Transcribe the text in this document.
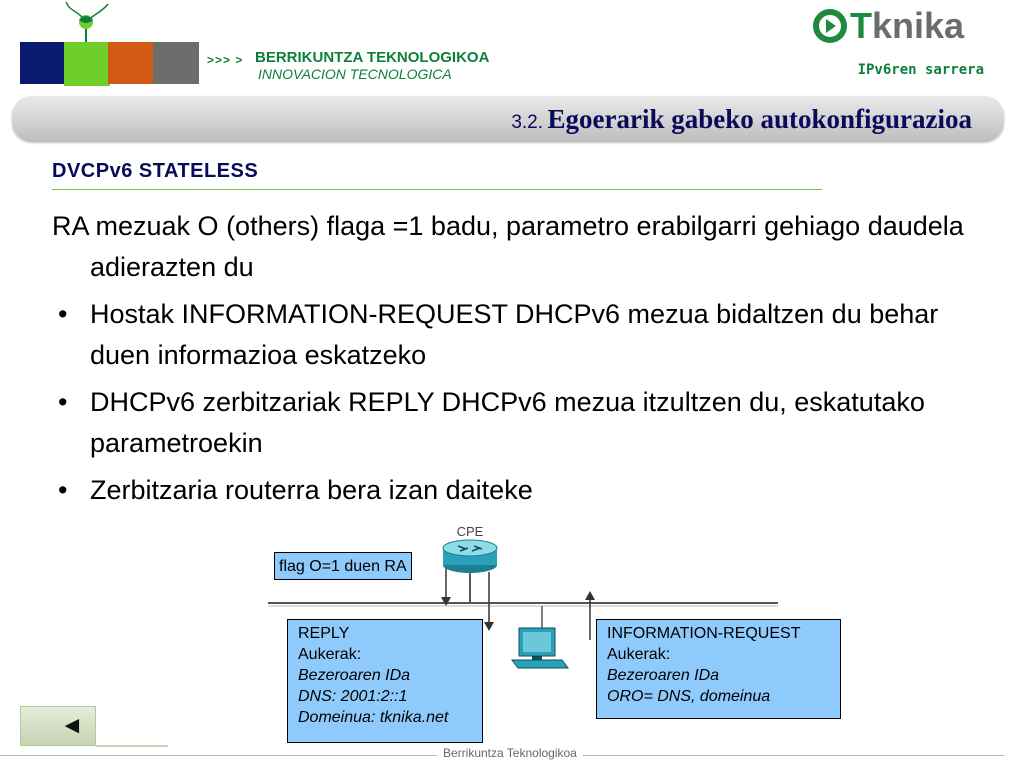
>>> > BERRIKUNTZA TEKNOLOGIKOA
INNOVACION TECNOLOGICA
T knika
IPv6ren sarrera
3.2. Egoerarik gabeko autokonfigurazioa
DVCPv6 STATELESS

RA mezuak O (others) flaga =1 badu, parametro erabilgarri gehiago daudela adierazten du

• Hostak INFORMATION-REQUEST DHCPv6 mezua bidaltzen du behar duen informazioa eskatzeko

• DHCPv6 zerbitzariak REPLY DHCPv6 mezua itzultzen du, eskatutako parametroekin

• Zerbitzaria routerra bera izan daiteke

CPE
flag O=1 duen RA
REPLY
Aukerak:
Bezeroaren IDa
DNS: 2001:2::1
Domeinua: tknika.net
INFORMATION-REQUEST
Aukerak:
Bezeroaren IDa
ORO= DNS, domeinua
◄
Berrikuntza Teknologikoa
